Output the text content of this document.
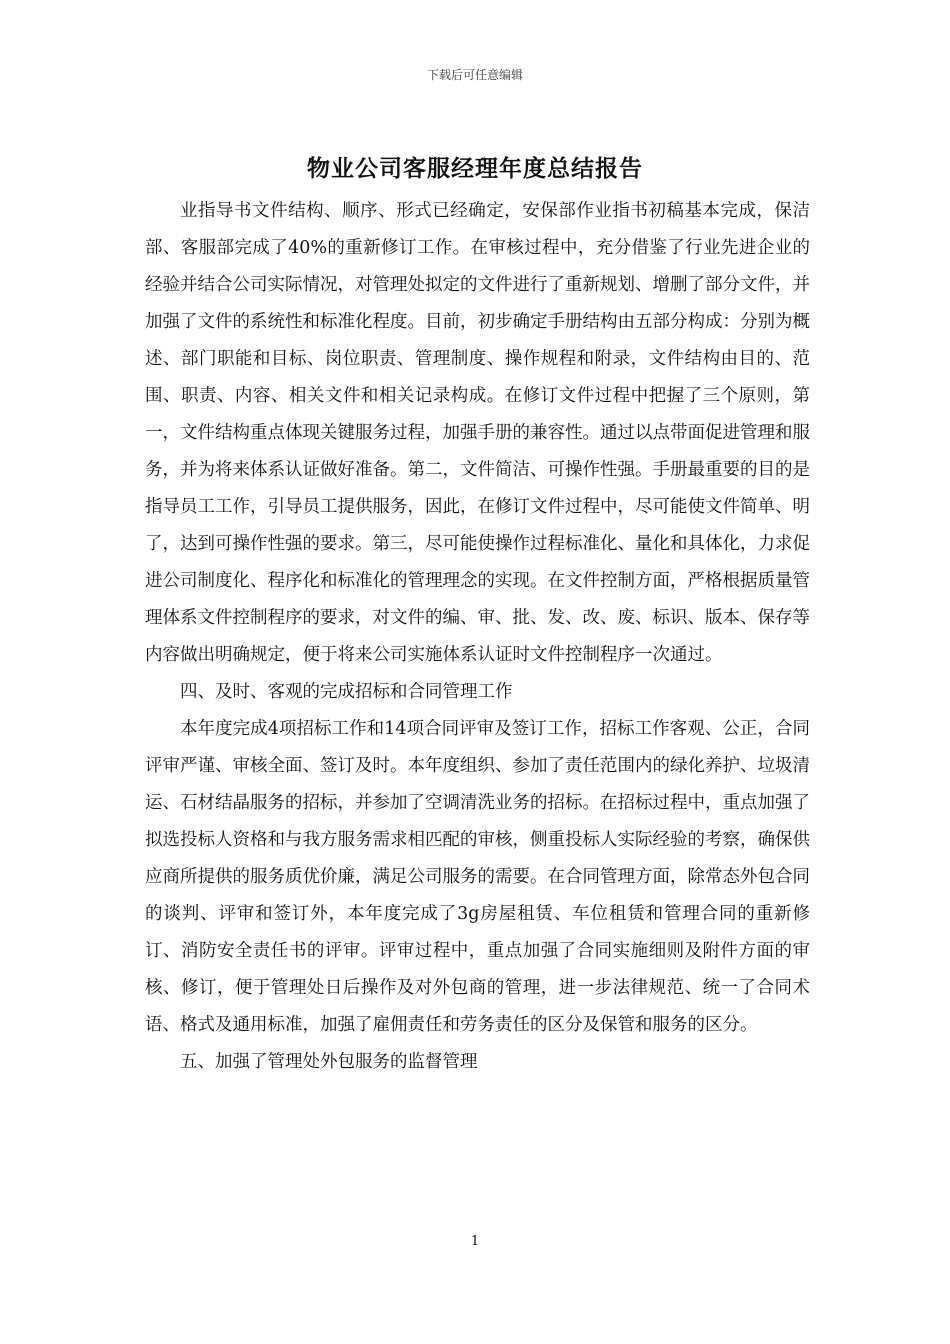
下载后可任意编辑
物业公司客服经理年度总结报告

业指导书文件结构、顺序、形式已经确定，安保部作业指书初稿基本完成，保洁部、客服部完成了40%的重新修订工作。在审核过程中，充分借鉴了行业先进企业的经验并结合公司实际情况，对管理处拟定的文件进行了重新规划、增删了部分文件，并加强了文件的系统性和标准化程度。目前，初步确定手册结构由五部分构成：分别为概述、部门职能和目标、岗位职责、管理制度、操作规程和附录，文件结构由目的、范围、职责、内容、相关文件和相关记录构成。在修订文件过程中把握了三个原则，第一，文件结构重点体现关键服务过程，加强手册的兼容性。通过以点带面促进管理和服务，并为将来体系认证做好准备。第二，文件简洁、可操作性强。手册最重要的目的是指导员工工作，引导员工提供服务，因此，在修订文件过程中，尽可能使文件简单、明了，达到可操作性强的要求。第三，尽可能使操作过程标准化、量化和具体化，力求促进公司制度化、程序化和标准化的管理理念的实现。在文件控制方面，严格根据质量管理体系文件控制程序的要求，对文件的编、审、批、发、改、废、标识、版本、保存等内容做出明确规定，便于将来公司实施体系认证时文件控制程序一次通过。

四、及时、客观的完成招标和合同管理工作

本年度完成4项招标工作和14项合同评审及签订工作，招标工作客观、公正，合同评审严谨、审核全面、签订及时。本年度组织、参加了责任范围内的绿化养护、垃圾清运、石材结晶服务的招标，并参加了空调清洗业务的招标。在招标过程中，重点加强了拟选投标人资格和与我方服务需求相匹配的审核，侧重投标人实际经验的考察，确保供应商所提供的服务质优价廉，满足公司服务的需要。在合同管理方面，除常态外包合同的谈判、评审和签订外，本年度完成了3g房屋租赁、车位租赁和管理合同的重新修订、消防安全责任书的评审。评审过程中，重点加强了合同实施细则及附件方面的审核、修订，便于管理处日后操作及对外包商的管理，进一步法律规范、统一了合同术语、格式及通用标准，加强了雇佣责任和劳务责任的区分及保管和服务的区分。

五、加强了管理处外包服务的监督管理

1
